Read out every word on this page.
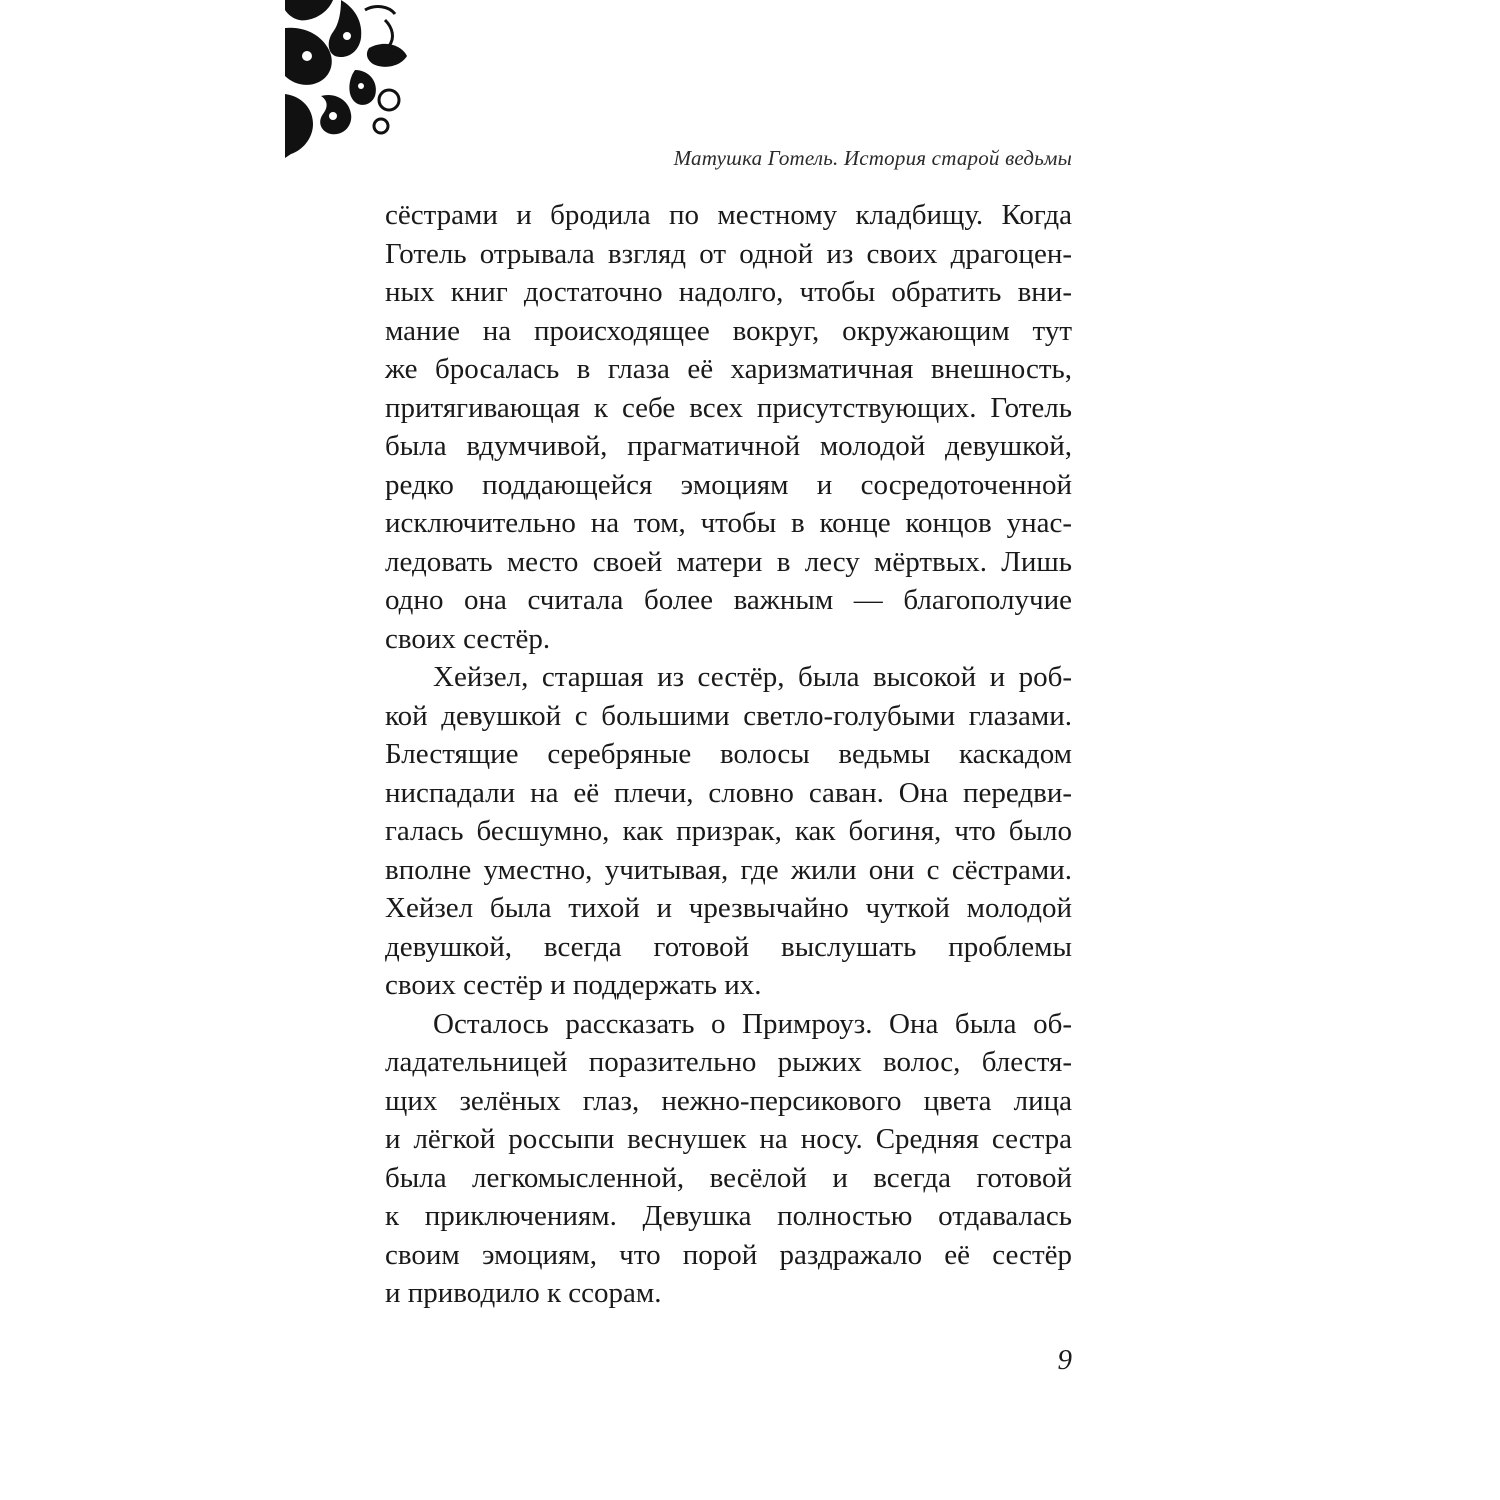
Матушка Готель. История старой ведьмы
сёстрами и бродила по местному кладбищу. Когда
Готель отрывала взгляд от одной из своих драгоцен-
ных книг достаточно надолго, чтобы обратить вни-
мание на происходящее вокруг, окружающим тут
же бросалась в глаза её харизматичная внешность,
притягивающая к себе всех присутствующих. Готель
была вдумчивой, прагматичной молодой девушкой,
редко поддающейся эмоциям и сосредоточенной
исключительно на том, чтобы в конце концов унас-
ледовать место своей матери в лесу мёртвых. Лишь
одно она считала более важным — благополучие
своих сестёр.
Хейзел, старшая из сестёр, была высокой и роб-
кой девушкой с большими светло-голубыми глазами.
Блестящие серебряные волосы ведьмы каскадом
ниспадали на её плечи, словно саван. Она передви-
галась бесшумно, как призрак, как богиня, что было
вполне уместно, учитывая, где жили они с сёстрами.
Хейзел была тихой и чрезвычайно чуткой молодой
девушкой, всегда готовой выслушать проблемы
своих сестёр и поддержать их.
Осталось рассказать о Примроуз. Она была об-
ладательницей поразительно рыжих волос, блестя-
щих зелёных глаз, нежно-персикового цвета лица
и лёгкой россыпи веснушек на носу. Средняя сестра
была легкомысленной, весёлой и всегда готовой
к приключениям. Девушка полностью отдавалась
своим эмоциям, что порой раздражало её сестёр
и приводило к ссорам.
9
